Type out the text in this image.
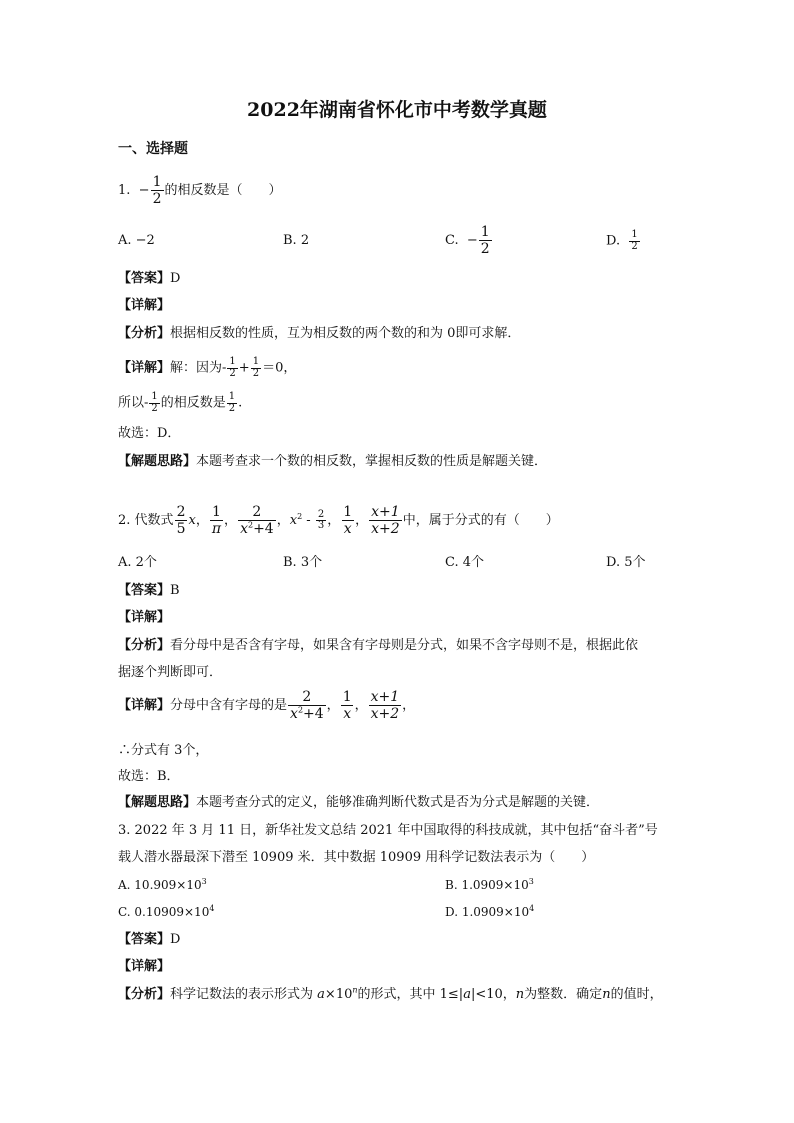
2022年湖南省怀化市中考数学真题
一、选择题
1. − $\frac{1}{2}$ 的相反数是（　　）
A. −2	B. 2	C. − $\frac{1}{2}$	D. $\frac{1}{2}$
【答案】D
【详解】
【分析】根据相反数的性质，互为相反数的两个数的和为 0即可求解．
【详解】解：因为- $\frac{1}{2} + \frac{1}{2} =0$，
所以- $\frac{1}{2}$ 的相反数是 $\frac{1}{2}$ .
故选：D．
【解题思路】本题考查求一个数的相反数，掌握相反数的性质是解题关键．
2. 代数式 $\frac{2}{5}$ x， $\frac{1}{\pi}$ ， $\frac{2}{x^2+4}$ ，$x^2 - \frac{2}{3}$ ， $\frac{1}{x}$ ， $\frac{x+1}{x+2}$ 中，属于分式的有（　　）
A. 2个	B. 3个	C. 4个	D. 5个
【答案】B
【详解】
【分析】看分母中是否含有字母，如果含有字母则是分式，如果不含字母则不是，根据此依
据逐个判断即可．
【详解】分母中含有字母的是 $\frac{2}{x^2+4}$ ， $\frac{1}{x}$ ， $\frac{x+1}{x+2}$ ，
∴分式有 3个，
故选：B．
【解题思路】本题考查分式的定义，能够准确判断代数式是否为分式是解题的关键．
3. 2022 年 3 月 11 日，新华社发文总结 2021 年中国取得的科技成就，其中包括“奋斗者”号
载人潜水器最深下潜至 10909 米．其中数据 10909 用科学记数法表示为（　　）
A. $10.909\times 10^3$	B. $1.0909\times 10^3$
C. $0.10909\times 10^4$	D. $1.0909\times 10^4$
【答案】D
【详解】
【分析】科学记数法的表示形式为 $a\times 10^n$的形式，其中 1≤|a|<10，n为整数．确定n的值时，
